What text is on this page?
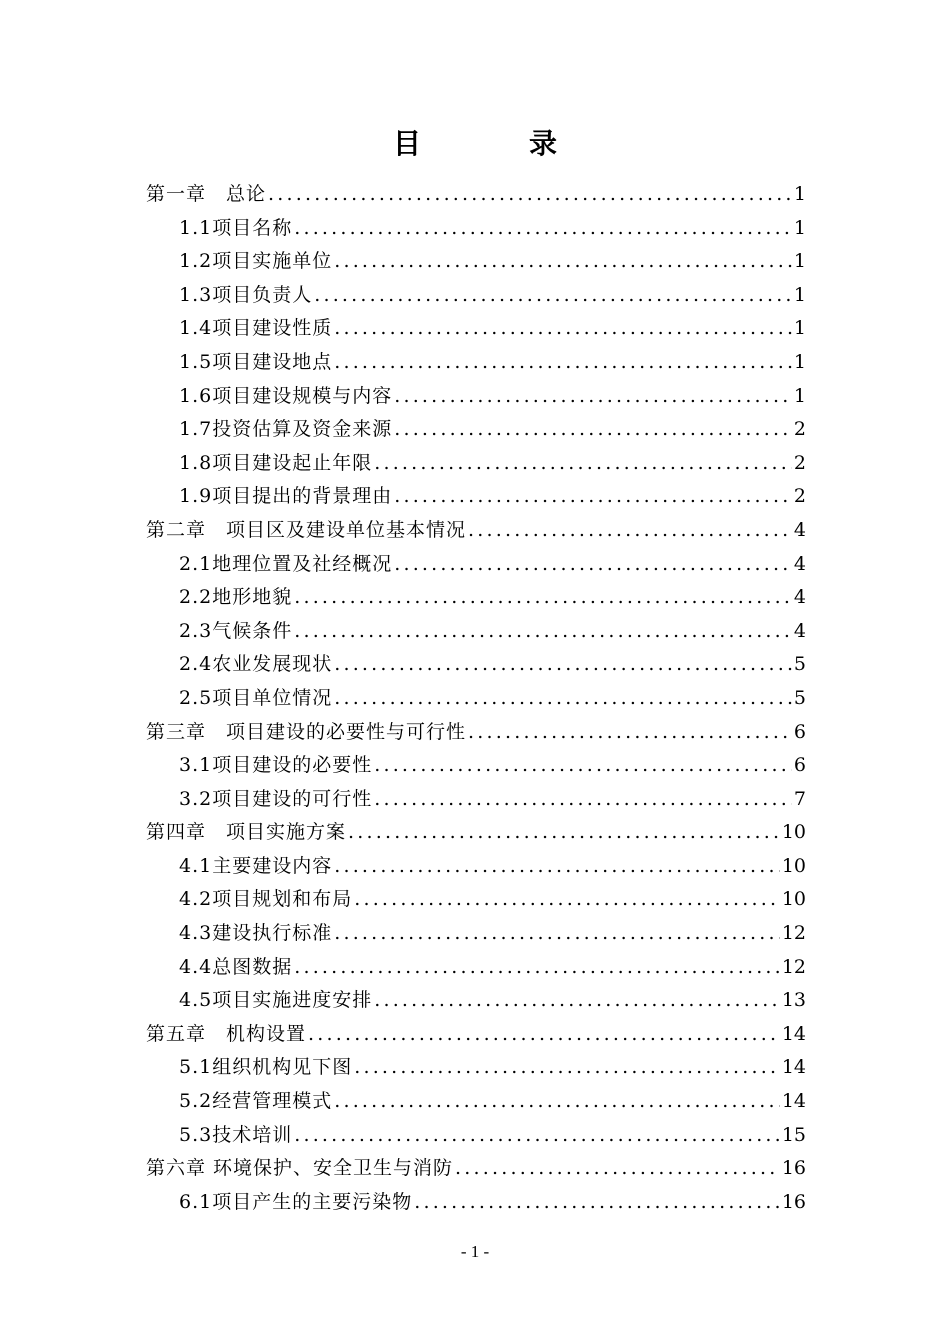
目　录
第一章　总论 .....	1
1.1项目名称 .....	1
1.2项目实施单位 .....	1
1.3项目负责人 .....	1
1.4项目建设性质 .....	1
1.5项目建设地点 .....	1
1.6项目建设规模与内容 .....	1
1.7投资估算及资金来源 .....	2
1.8项目建设起止年限 .....	2
1.9项目提出的背景理由 .....	2
第二章　项目区及建设单位基本情况 .....	4
2.1地理位置及社经概况 .....	4
2.2地形地貌 .....	4
2.3气候条件 .....	4
2.4农业发展现状 .....	5
2.5项目单位情况 .....	5
第三章　项目建设的必要性与可行性 .....	6
3.1项目建设的必要性 .....	6
3.2项目建设的可行性 .....	7
第四章　项目实施方案 .....	10
4.1主要建设内容 .....	10
4.2项目规划和布局 .....	10
4.3建设执行标准 .....	12
4.4总图数据 .....	12
4.5项目实施进度安排 .....	13
第五章　机构设置 .....	14
5.1组织机构见下图 .....	14
5.2经营管理模式 .....	14
5.3技术培训 .....	15
第六章 环境保护、安全卫生与消防 .....	16
6.1项目产生的主要污染物 .....	16
- 1 -
